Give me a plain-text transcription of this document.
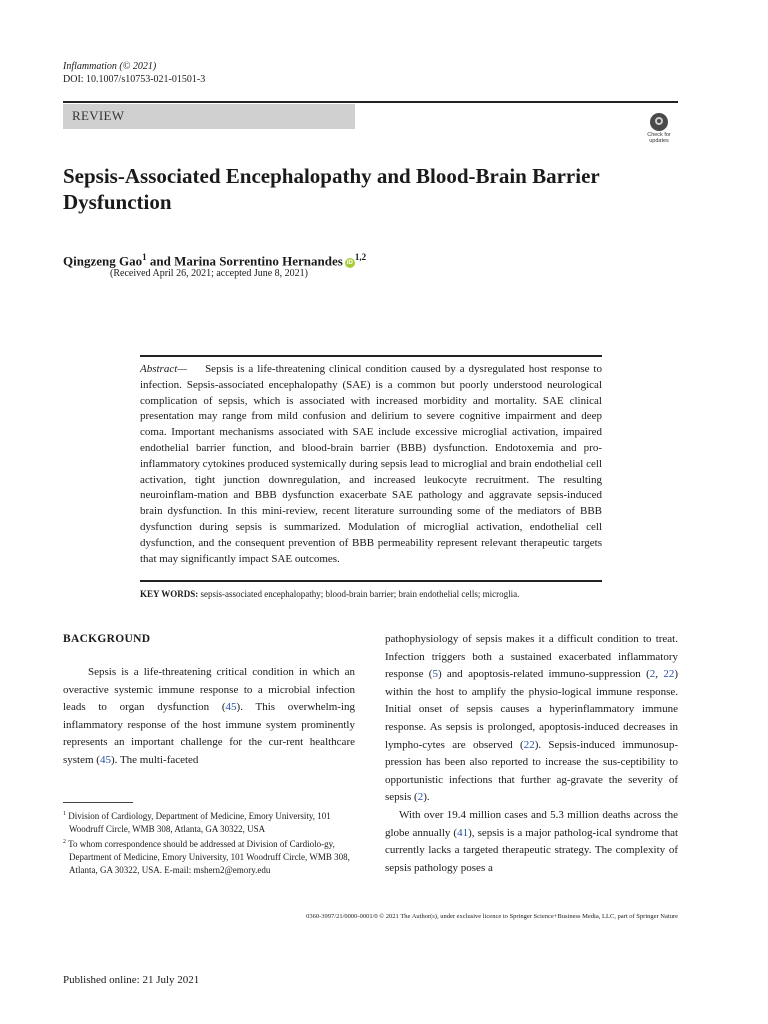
Inflammation (© 2021)
DOI: 10.1007/s10753-021-01501-3
REVIEW
Check for updates
Sepsis-Associated Encephalopathy and Blood-Brain Barrier Dysfunction
Qingzeng Gao$^1$ and Marina Sorrentino Hernandes iD$^{1,2}$
(Received April 26, 2021; accepted June 8, 2021)
Abstract— Sepsis is a life-threatening clinical condition caused by a dysregulated host response to infection. Sepsis-associated encephalopathy (SAE) is a common but poorly understood neurological complication of sepsis, which is associated with increased morbidity and mortality. SAE clinical presentation may range from mild confusion and delirium to severe cognitive impairment and deep coma. Important mechanisms associated with SAE include excessive microglial activation, impaired endothelial barrier function, and blood-brain barrier (BBB) dysfunction. Endotoxemia and pro-inflammatory cytokines produced systemically during sepsis lead to microglial and brain endothelial cell activation, tight junction downregulation, and increased leukocyte recruitment. The resulting neuroinflam-mation and BBB dysfunction exacerbate SAE pathology and aggravate sepsis-induced brain dysfunction. In this mini-review, recent literature surrounding some of the mediators of BBB dysfunction during sepsis is summarized. Modulation of microglial activation, endothelial cell dysfunction, and the consequent prevention of BBB permeability represent relevant therapeutic targets that may significantly impact SAE outcomes.
KEY WORDS: sepsis-associated encephalopathy; blood-brain barrier; brain endothelial cells; microglia.
BACKGROUND
Sepsis is a life-threatening critical condition in which an overactive systemic immune response to a microbial infection leads to organ dysfunction (45). This overwhelm-ing inflammatory response of the host immune system prominently represents an important challenge for the cur-rent healthcare system (45). The multi-faceted

pathophysiology of sepsis makes it a difficult condition to treat. Infection triggers both a sustained exacerbated inflammatory response (5) and apoptosis-related immuno-suppression (2, 22) within the host to amplify the physio-logical immune response. Initial onset of sepsis causes a hyperinflammatory immune response. As sepsis is prolonged, apoptosis-induced decreases in lympho-cytes are observed (22). Sepsis-induced immunosup-pression has been also reported to increase the sus-ceptibility to opportunistic infections that further ag-gravate the severity of sepsis (2).

With over 19.4 million cases and 5.3 million deaths across the globe annually (41), sepsis is a major patholog-ical syndrome that currently lacks a targeted therapeutic strategy. The complexity of sepsis pathology poses a

$^1$ Division of Cardiology, Department of Medicine, Emory University, 101 Woodruff Circle, WMB 308, Atlanta, GA 30322, USA
$^2$ To whom correspondence should be addressed at Division of Cardiolo-gy, Department of Medicine, Emory University, 101 Woodruff Circle, WMB 308, Atlanta, GA 30322, USA. E-mail: mshern2@emory.edu
0360-3997/21/0000-0001/0 © 2021 The Author(s), under exclusive licence to Springer Science+Business Media, LLC, part of Springer Nature
Published online: 21 July 2021
